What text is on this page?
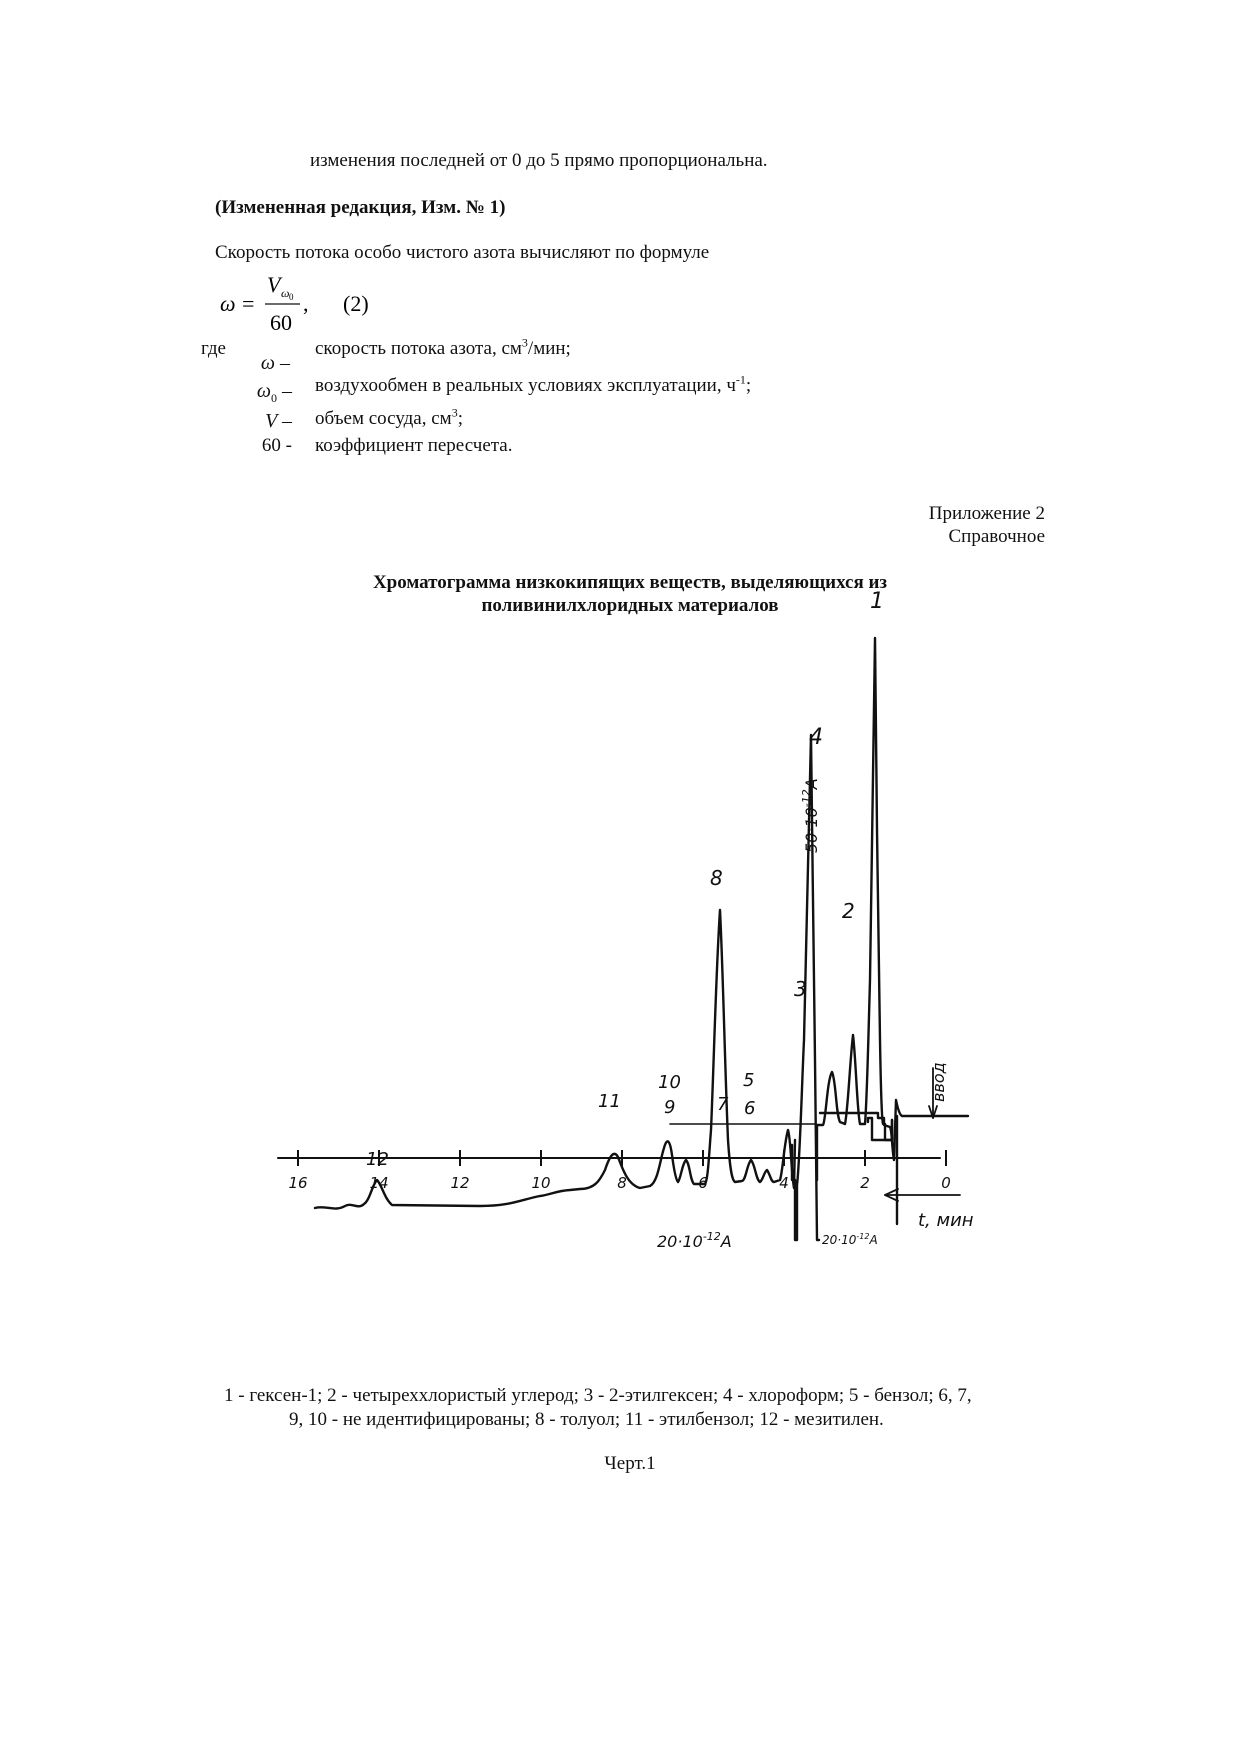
изменения последней от 0 до 5 прямо пропорциональна.
(Измененная редакция, Изм. № 1)
Скорость потока особо чистого азота вычисляют по формуле
ω =
V ω 0
60
, (2)
где
ω –
скорость потока азота, $см^3$/мин;
$\omega_0$ – воздухообмен в реальных условиях эксплуатации, $ч^{-1}$;
V – объем сосуда, $см^3$;
60 - коэффициент пересчета.
Приложение 2
Справочное
Хроматограмма низкокипящих веществ, выделяющихся из
поливинилхлоридных материалов
16	14	12	10	8	6	4	2	0
1
2
3
4
5
6
7
8
9
10
11
12
$20\cdot 10^{-12}A$	$20\cdot 10^{-12}A$
$50\cdot 10^{-12}A$
ввод
t, мин
1 - гексен-1; 2 - четыреххлористый углерод; 3 - 2-этилгексен; 4 - хлороформ; 5 - бензол; 6, 7,
9, 10 - не идентифицированы; 8 - толуол; 11 - этилбензол; 12 - мезитилен.
Черт.1
